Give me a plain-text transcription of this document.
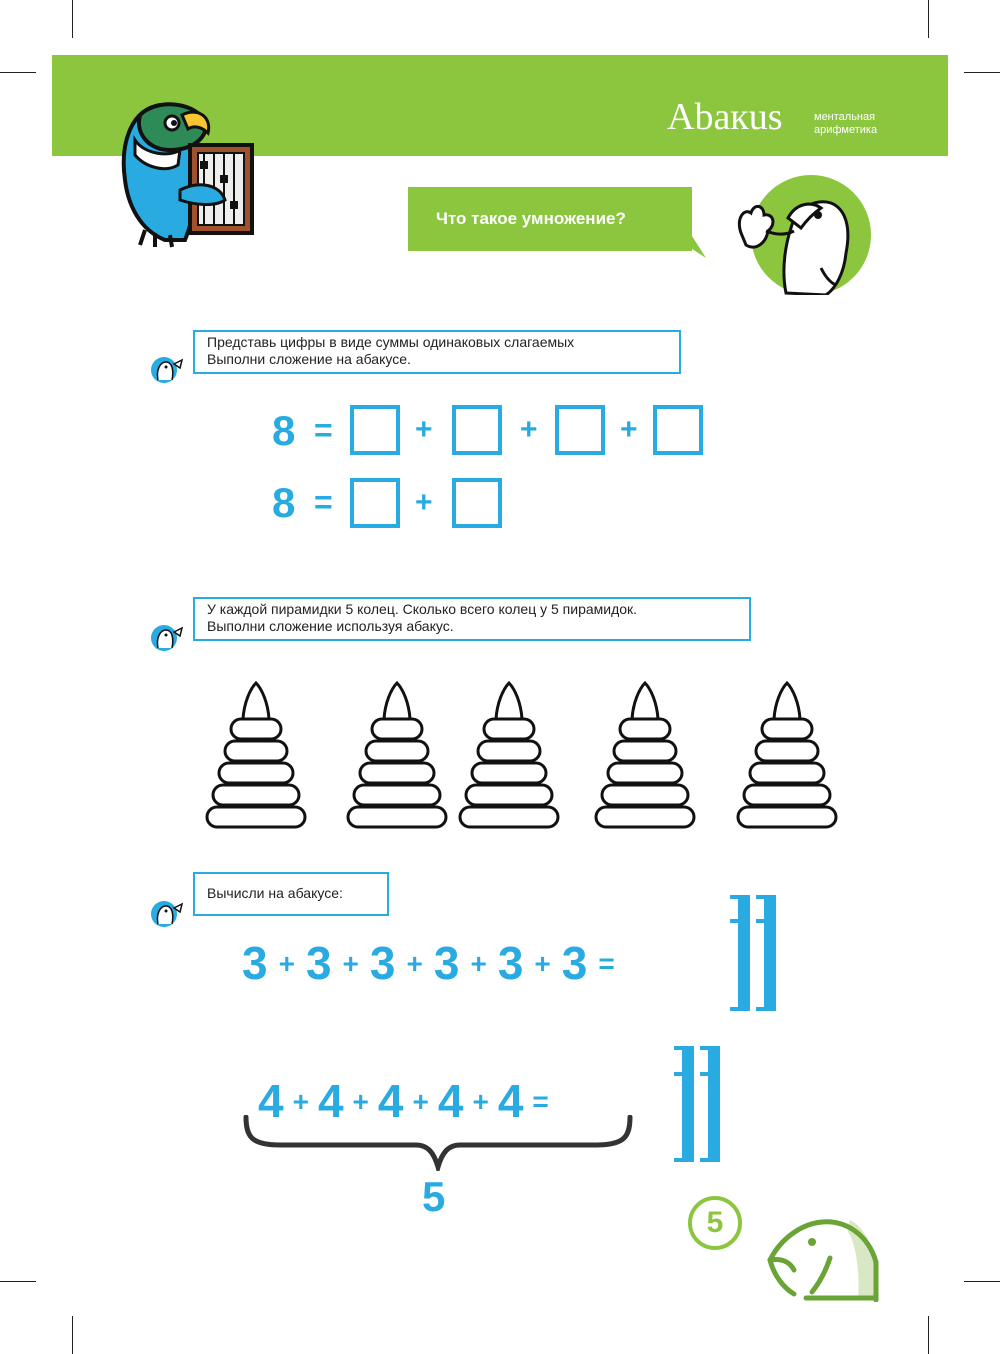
Abaкus	ментальная
арифметика
Что такое умножение?
Представь цифры в виде суммы одинаковых слагаемых
Выполни сложение на абакусе.
8 =	+	+	+
8 =	+
У каждой пирамидки 5 колец. Сколько всего колец у 5 пирамидок.
Выполни сложение используя абакус.
Вычисли на абакусе:
3 + 3 + 3 + 3 + 3 + 3 =
4 + 4 + 4 + 4 + 4 =
5
5
